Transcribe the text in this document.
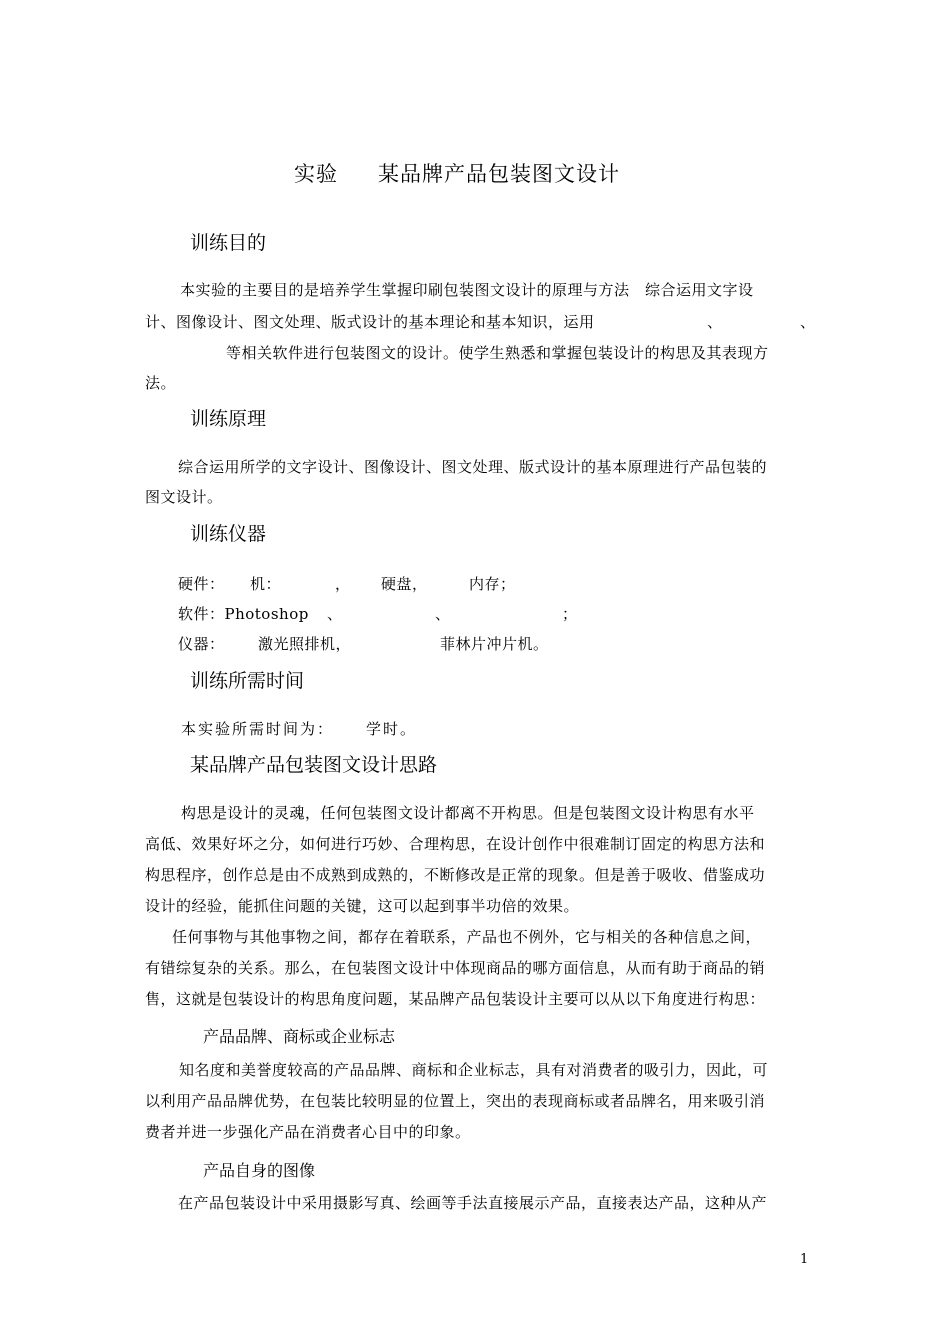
实验 某品牌产品包装图文设计
训练目的
本实验的主要目的是培养学生掌握印刷包装图文设计的原理与方法　综合运用文字设
计、图像设计、图文处理、版式设计的基本理论和基本知识，运用	、	、
等相关软件进行包装图文的设计。使学生熟悉和掌握包装设计的构思及其表现方
法。
训练原理
综合运用所学的文字设计、图像设计、图文处理、版式设计的基本原理进行产品包装的
图文设计。
训练仪器
硬件： 机：	， 硬盘，	内存；
软件：Photoshop 、	、	；
仪器： 激光照排机，	菲林片冲片机。
训练所需时间
本实验所需时间为： 学时。
某品牌产品包装图文设计思路
构思是设计的灵魂，任何包装图文设计都离不开构思。但是包装图文设计构思有水平
高低、效果好坏之分，如何进行巧妙、合理构思，在设计创作中很难制订固定的构思方法和
构思程序，创作总是由不成熟到成熟的，不断修改是正常的现象。但是善于吸收、借鉴成功
设计的经验，能抓住问题的关键，这可以起到事半功倍的效果。
任何事物与其他事物之间，都存在着联系，产品也不例外，它与相关的各种信息之间，
有错综复杂的关系。那么，在包装图文设计中体现商品的哪方面信息，从而有助于商品的销
售，这就是包装设计的构思角度问题，某品牌产品包装设计主要可以从以下角度进行构思：
产品品牌、商标或企业标志
知名度和美誉度较高的产品品牌、商标和企业标志，具有对消费者的吸引力，因此，可
以利用产品品牌优势，在包装比较明显的位置上，突出的表现商标或者品牌名，用来吸引消
费者并进一步强化产品在消费者心目中的印象。
产品自身的图像
在产品包装设计中采用摄影写真、绘画等手法直接展示产品，直接表达产品，这种从产
1
